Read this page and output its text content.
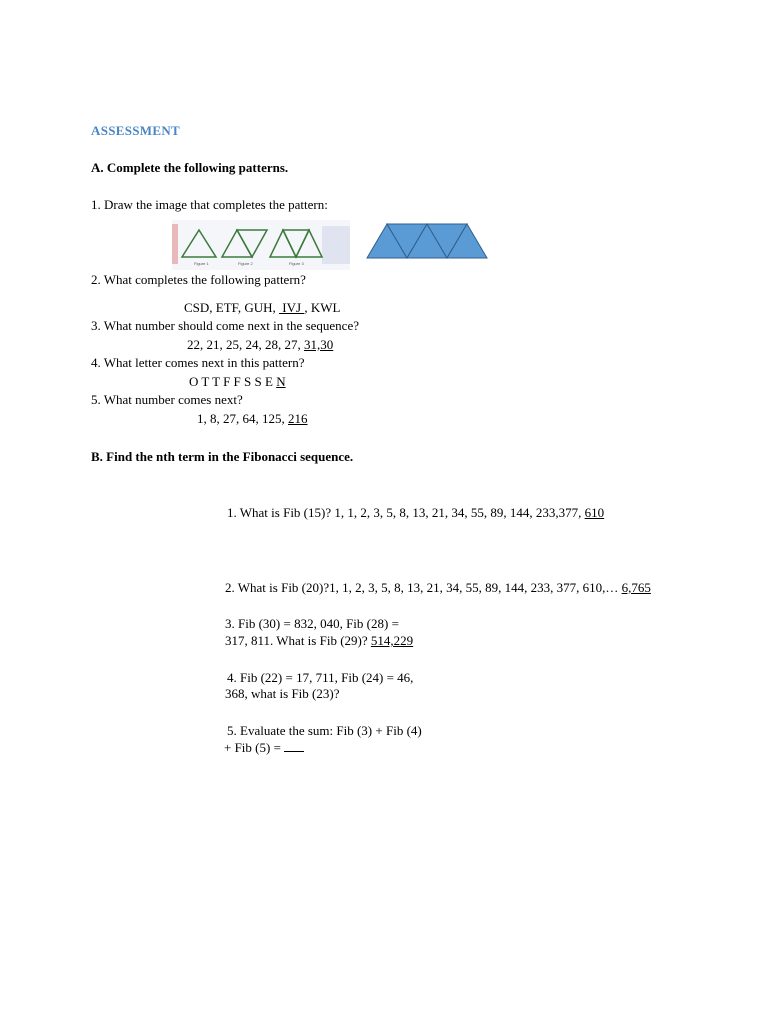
ASSESSMENT
A. Complete the following patterns.
1. Draw the image that completes the pattern:
Figure 1	Figure 2	Figure 3
2. What completes the following pattern?
CSD, ETF, GUH,  IVJ , KWL
3. What number should come next in the sequence?
22, 21, 25, 24, 28, 27, 31,30
4. What letter comes next in this pattern?
O T T F F S S E N
5. What number comes next?
1, 8, 27, 64, 125, 216
B. Find the nth term in the Fibonacci sequence.
1. What is Fib (15)? 1, 1, 2, 3, 5, 8, 13, 21, 34, 55, 89, 144, 233,377, 610
2. What is Fib (20)?1, 1, 2, 3, 5, 8, 13, 21, 34, 55, 89, 144, 233, 377, 610,… 6,765
3. Fib (30) = 832, 040, Fib (28) =
317, 811. What is Fib (29)? 514,229
4. Fib (22) = 17, 711, Fib (24) = 46,
368, what is Fib (23)?
5. Evaluate the sum: Fib (3) + Fib (4)
+ Fib (5) =
